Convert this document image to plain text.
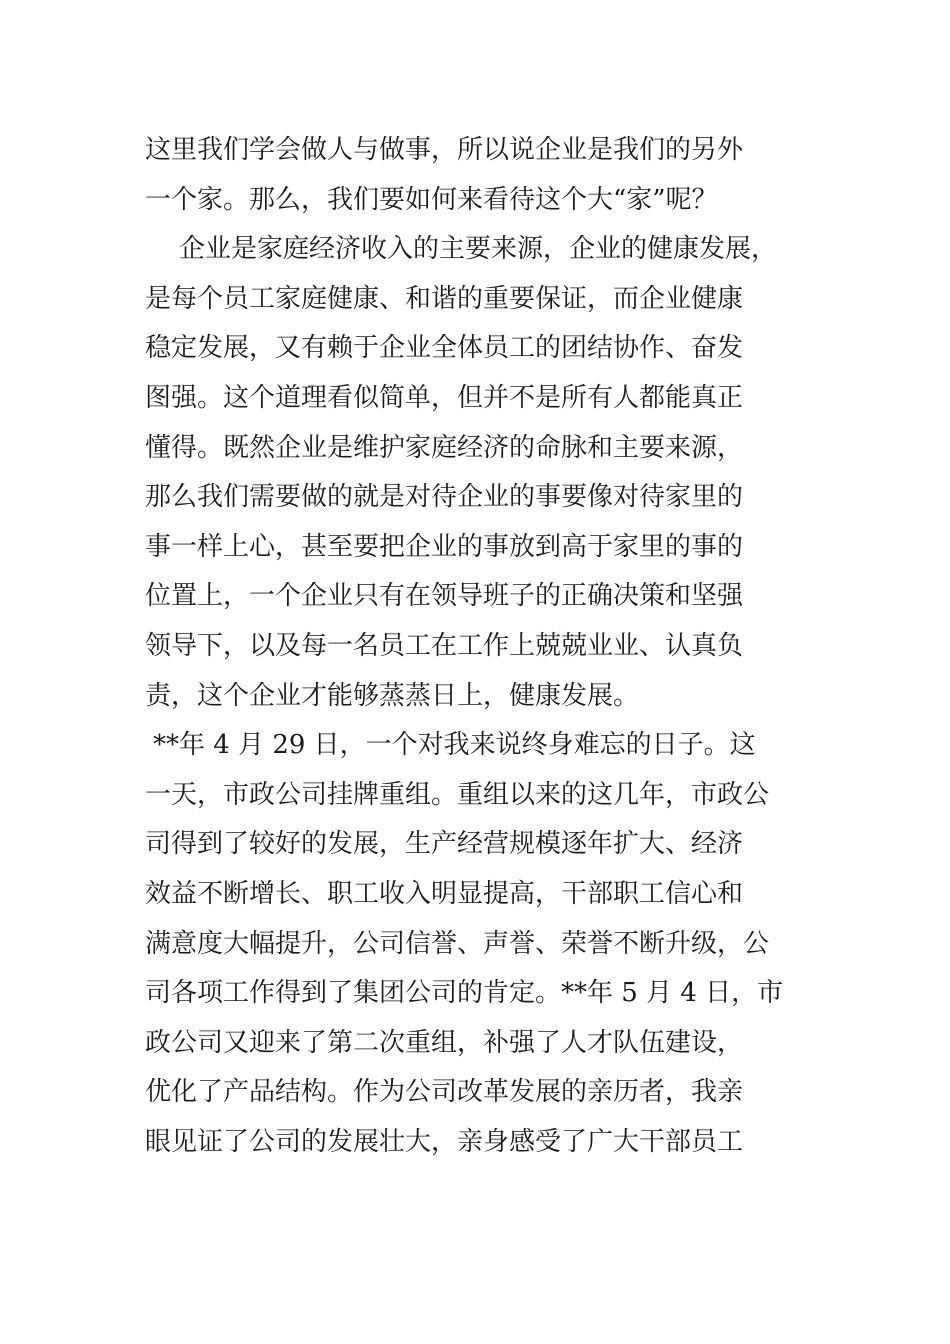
这里我们学会做人与做事，所以说企业是我们的另外
一个家。那么，我们要如何来看待这个大“家”呢？
企业是家庭经济收入的主要来源，企业的健康发展，
是每个员工家庭健康、和谐的重要保证，而企业健康
稳定发展，又有赖于企业全体员工的团结协作、奋发
图强。这个道理看似简单，但并不是所有人都能真正
懂得。既然企业是维护家庭经济的命脉和主要来源，
那么我们需要做的就是对待企业的事要像对待家里的
事一样上心，甚至要把企业的事放到高于家里的事的
位置上，一个企业只有在领导班子的正确决策和坚强
领导下，以及每一名员工在工作上兢兢业业、认真负
责，这个企业才能够蒸蒸日上，健康发展。
**年 4 月 29 日，一个对我来说终身难忘的日子。这
一天，市政公司挂牌重组。重组以来的这几年，市政公
司得到了较好的发展，生产经营规模逐年扩大、经济
效益不断增长、职工收入明显提高，干部职工信心和
满意度大幅提升，公司信誉、声誉、荣誉不断升级，公
司各项工作得到了集团公司的肯定。**年 5 月 4 日，市
政公司又迎来了第二次重组，补强了人才队伍建设，
优化了产品结构。作为公司改革发展的亲历者，我亲
眼见证了公司的发展壮大，亲身感受了广大干部员工
